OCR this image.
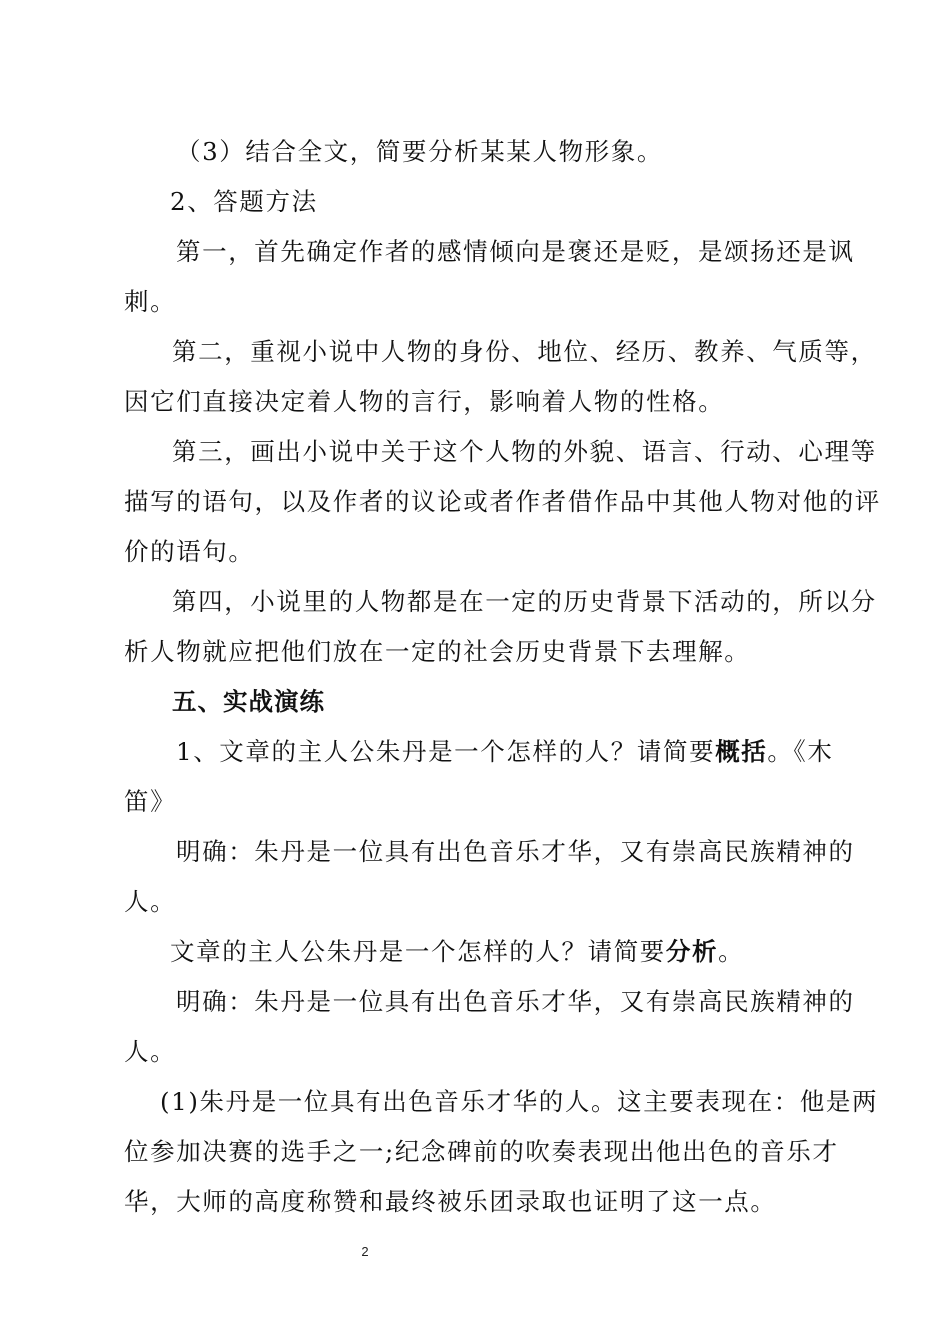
（3）结合全文，简要分析某某人物形象。
2、答题方法
第一，首先确定作者的感情倾向是褒还是贬，是颂扬还是讽
刺。
第二，重视小说中人物的身份、地位、经历、教养、气质等，
因它们直接决定着人物的言行，影响着人物的性格。
第三，画出小说中关于这个人物的外貌、语言、行动、心理等
描写的语句，以及作者的议论或者作者借作品中其他人物对他的评
价的语句。
第四，小说里的人物都是在一定的历史背景下活动的，所以分
析人物就应把他们放在一定的社会历史背景下去理解。
五、实战演练
1、文章的主人公朱丹是一个怎样的人？请简要概括。《木
笛》
明确：朱丹是一位具有出色音乐才华，又有崇高民族精神的
人。
文章的主人公朱丹是一个怎样的人？请简要分析。
明确：朱丹是一位具有出色音乐才华，又有崇高民族精神的
人。
(1)朱丹是一位具有出色音乐才华的人。这主要表现在：他是两
位参加决赛的选手之一;纪念碑前的吹奏表现出他出色的音乐才
华，大师的高度称赞和最终被乐团录取也证明了这一点。
2
